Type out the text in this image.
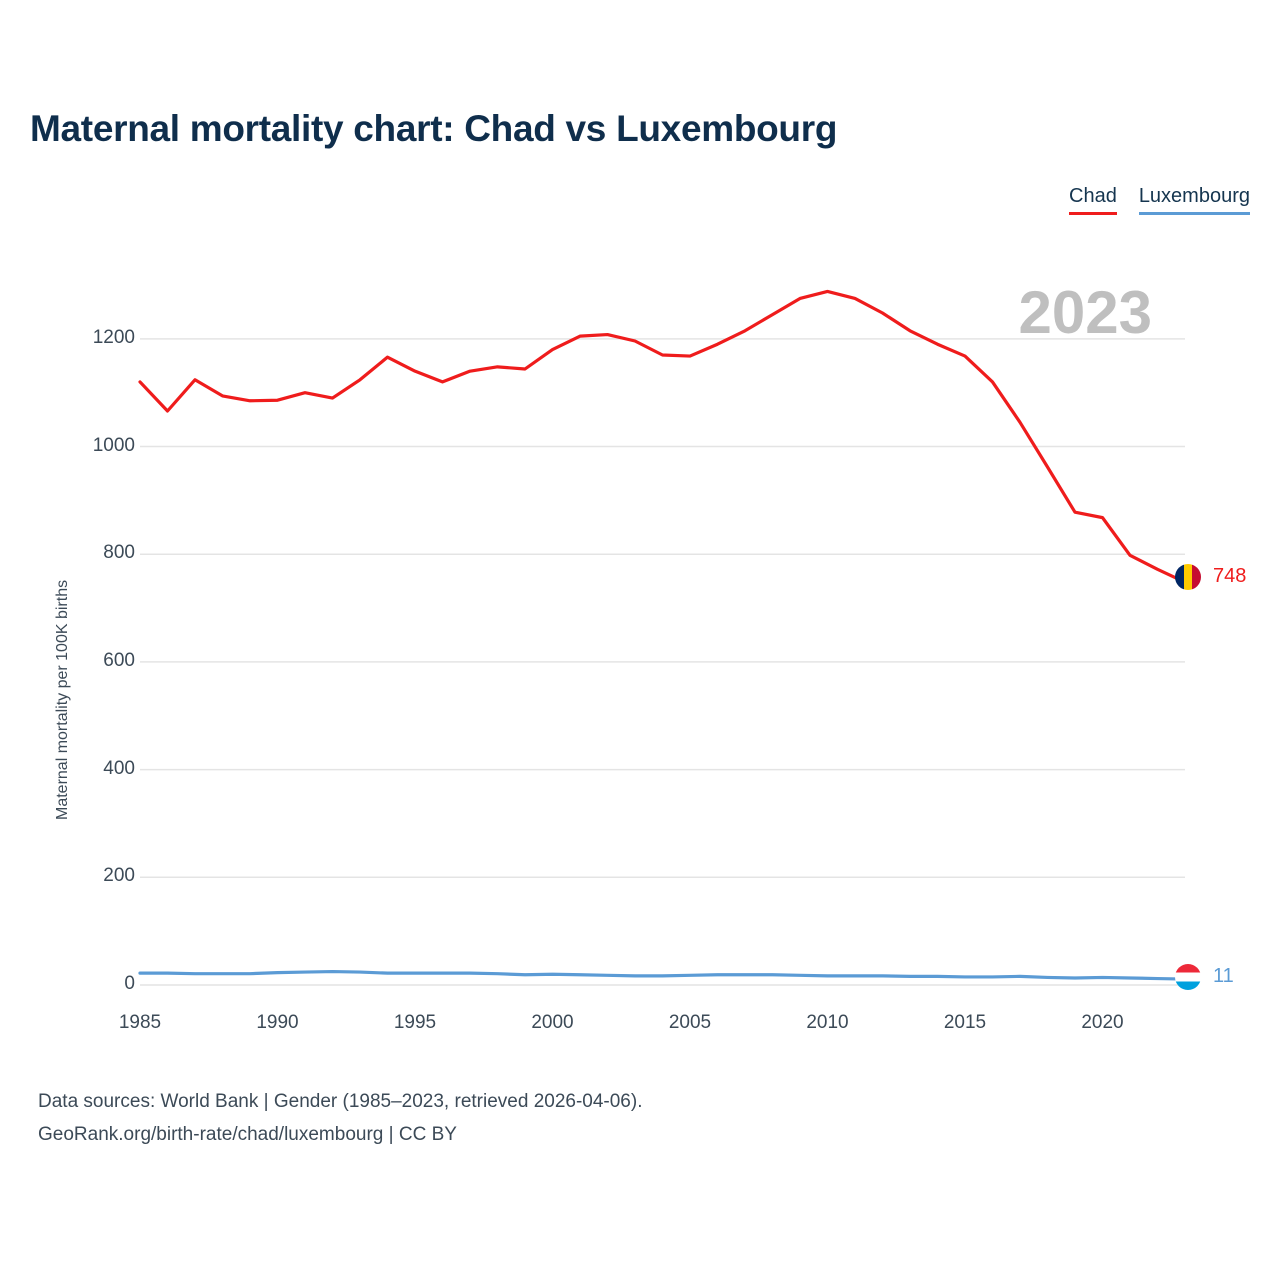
Maternal mortality chart: Chad vs Luxembourg
Chad Luxembourg
2023
Maternal mortality per 100K births
0
200
400
600
800
1000
1200
1985	1990	1995	2000	2005	2010	2015	2020
748
11
Data sources: World Bank | Gender (1985–2023, retrieved 2026-04-06).
GeoRank.org/birth-rate/chad/luxembourg | CC BY
